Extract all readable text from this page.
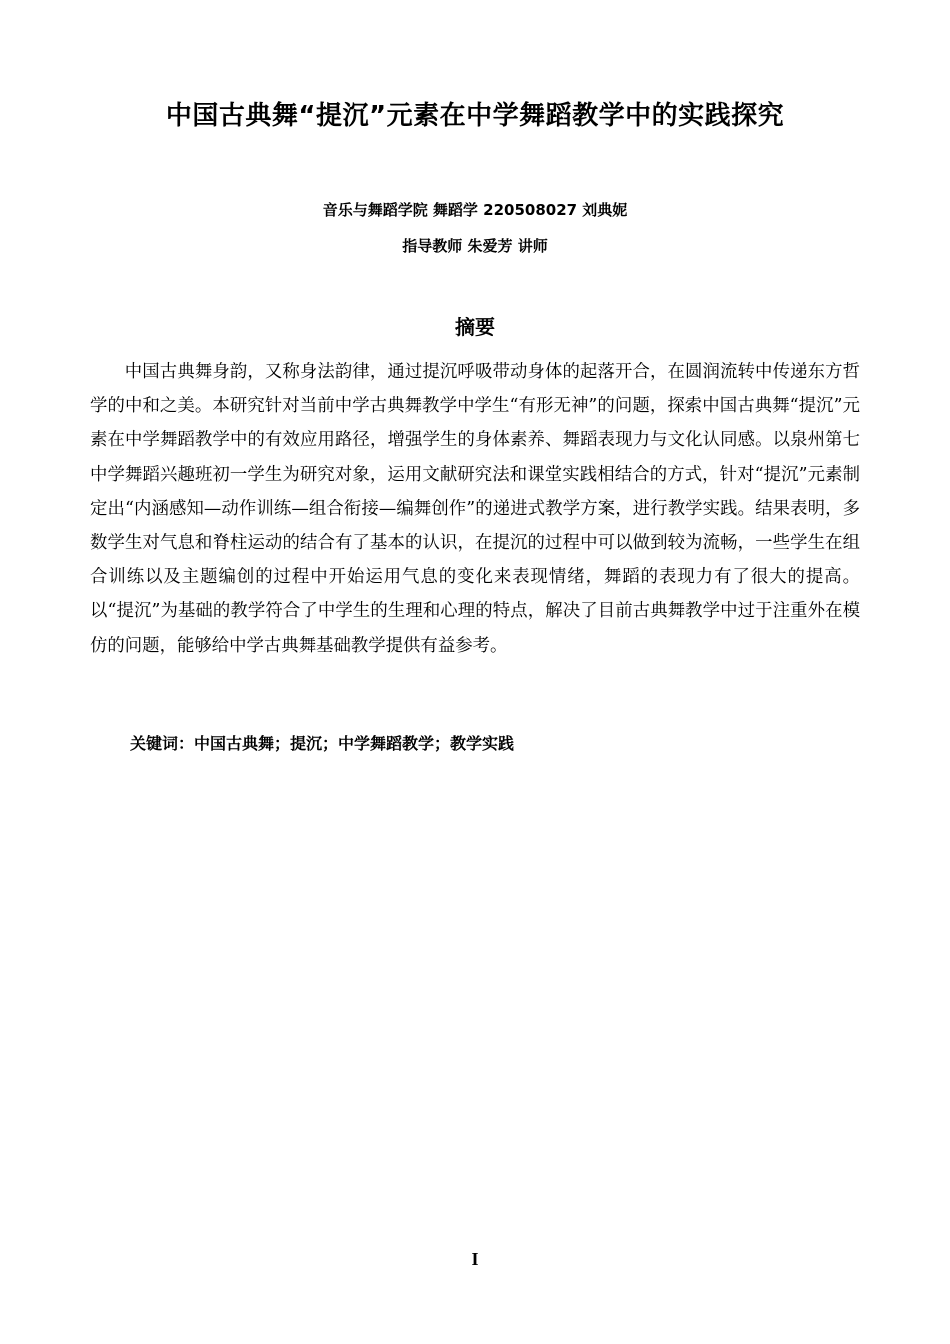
中国古典舞“提沉”元素在中学舞蹈教学中的实践探究
音乐与舞蹈学院 舞蹈学 220508027 刘典妮
指导教师 朱爱芳 讲师
摘要

中国古典舞身韵，又称身法韵律，通过提沉呼吸带动身体的起落开合，在圆润流转中传递东方哲学的中和之美。本研究针对当前中学古典舞教学中学生“有形无神”的问题，探索中国古典舞“提沉”元素在中学舞蹈教学中的有效应用路径，增强学生的身体素养、舞蹈表现力与文化认同感。以泉州第七中学舞蹈兴趣班初一学生为研究对象，运用文献研究法和课堂实践相结合的方式，针对“提沉”元素制定出“内涵感知—动作训练—组合衔接—编舞创作”的递进式教学方案，进行教学实践。结果表明，多数学生对气息和脊柱运动的结合有了基本的认识，在提沉的过程中可以做到较为流畅，一些学生在组合训练以及主题编创的过程中开始运用气息的变化来表现情绪，舞蹈的表现力有了很大的提高。以“提沉”为基础的教学符合了中学生的生理和心理的特点，解决了目前古典舞教学中过于注重外在模仿的问题，能够给中学古典舞基础教学提供有益参考。

关键词：中国古典舞；提沉；中学舞蹈教学；教学实践
I
